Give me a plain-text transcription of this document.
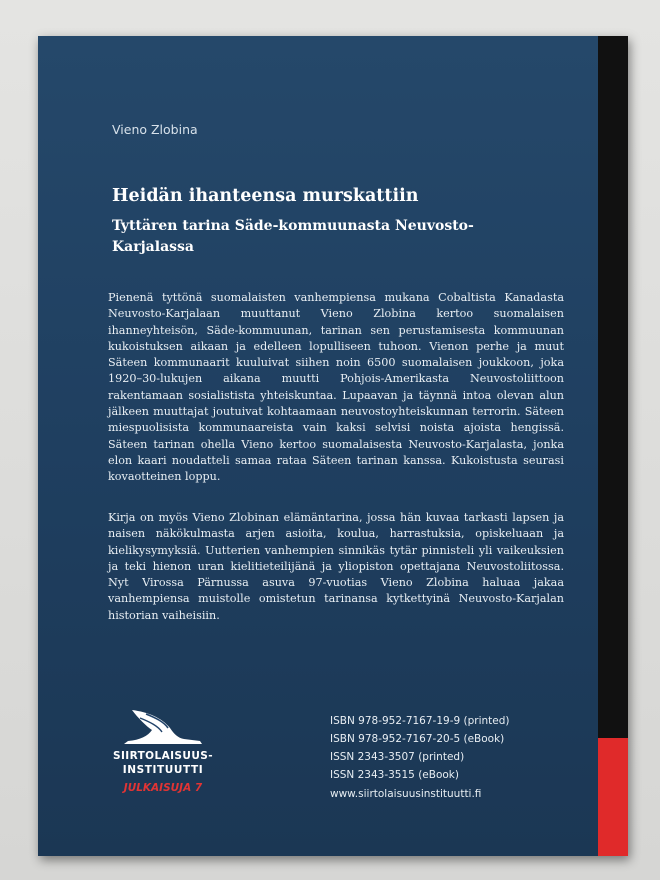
Vieno Zlobina
Heidän ihanteensa murskattiin
Tyttären tarina Säde-kommuunasta Neuvosto-Karjalassa

Pienenä tyttönä suomalaisten vanhempiensa mukana Cobaltista Kanadasta Neuvosto-Karjalaan muuttanut Vieno Zlobina kertoo suomalaisen ihanneyhteisön, Säde-kommuunan, tarinan sen perustamisesta kommuunan kukoistuksen aikaan ja edelleen lopulliseen tuhoon. Vienon perhe ja muut Säteen kommunaarit kuuluivat siihen noin 6500 suomalaisen joukkoon, joka 1920–30-lukujen aikana muutti Pohjois-Amerikasta Neuvostoliittoon rakentamaan sosialistista yhteiskuntaa. Lupaavan ja täynnä intoa olevan alun jälkeen muuttajat joutuivat kohtaamaan neuvostoyhteiskunnan terrorin. Säteen miespuolisista kommunaareista vain kaksi selvisi noista ajoista hengissä. Säteen tarinan ohella Vieno kertoo suomalaisesta Neuvosto-Karjalasta, jonka elon kaari noudatteli samaa rataa Säteen tarinan kanssa. Kukoistusta seurasi kovaotteinen loppu.

Kirja on myös Vieno Zlobinan elämäntarina, jossa hän kuvaa tarkasti lapsen ja naisen näkökulmasta arjen asioita, koulua, harrastuksia, opiskeluaan ja kielikysymyksiä. Uutterien vanhempien sinnikäs tytär pinnisteli yli vaikeuksien ja teki hienon uran kielitieteilijänä ja yliopiston opettajana Neuvostoliitossa. Nyt Virossa Pärnussa asuva 97-vuotias Vieno Zlobina haluaa jakaa vanhempiensa muistolle omistetun tarinansa kytkettyinä Neuvosto-Karjalan historian vaiheisiin.

SIIRTOLAISUUS-
INSTITUUTTI
JULKAISUJA 7
ISBN 978-952-7167-19-9 (printed)
ISBN 978-952-7167-20-5 (eBook)
ISSN 2343-3507 (printed)
ISSN 2343-3515 (eBook)
www.siirtolaisuusinstituutti.fi
